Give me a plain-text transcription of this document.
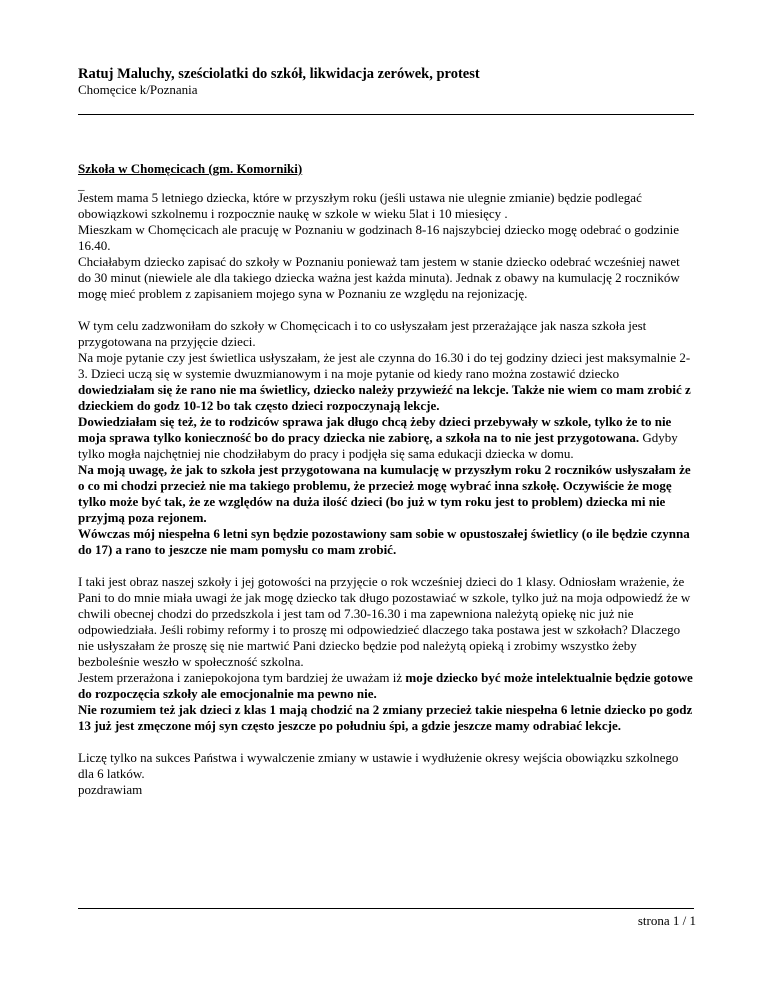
Ratuj Maluchy, sześciolatki do szkół, likwidacja zerówek, protest
Chomęcice k/Poznania
Szkoła w Chomęcicach (gm. Komorniki)
_

Jestem mama 5 letniego dziecka, które w przyszłym roku (jeśli ustawa nie ulegnie zmianie) będzie podlegać obowiązkowi szkolnemu i rozpocznie naukę w szkole w wieku 5lat i 10 miesięcy .

Mieszkam w Chomęcicach ale pracuję w Poznaniu w godzinach 8-16 najszybciej dziecko mogę odebrać o godzinie 16.40.

Chciałabym dziecko zapisać do szkoły w Poznaniu ponieważ tam jestem w stanie dziecko odebrać wcześniej nawet do 30 minut (niewiele ale dla takiego dziecka ważna jest każda minuta). Jednak z obawy na kumulację 2 roczników mogę mieć problem z zapisaniem mojego syna w Poznaniu ze względu na rejonizację.

W tym celu zadzwoniłam do szkoły w Chomęcicach i to co usłyszałam jest przerażające jak nasza szkoła jest przygotowana na przyjęcie dzieci.

Na moje pytanie czy jest świetlica usłyszałam, że jest ale czynna do 16.30 i do tej godziny dzieci jest maksymalnie 2-3. Dzieci uczą się w systemie dwuzmianowym i na moje pytanie od kiedy rano można zostawić dziecko dowiedziałam się że rano nie ma świetlicy, dziecko należy przywieźć na lekcje. Także nie wiem co mam zrobić z dzieckiem do godz 10-12 bo tak często dzieci rozpoczynają lekcje.

Dowiedziałam się też, że to rodziców sprawa jak długo chcą żeby dzieci przebywały w szkole, tylko że to nie moja sprawa tylko konieczność bo do pracy dziecka nie zabiorę, a szkoła na to nie jest przygotowana. Gdyby tylko mogła najchętniej nie chodziłabym do pracy i podjęła się sama edukacji dziecka w domu.

Na moją uwagę, że jak to szkoła jest przygotowana na kumulację w przyszłym roku 2 roczników usłyszałam że o co mi chodzi przecież nie ma takiego problemu, że przecież mogę wybrać inna szkołę. Oczywiście że mogę tylko może być tak, że ze względów na duża ilość dzieci (bo już w tym roku jest to problem) dziecka mi nie przyjmą poza rejonem.

Wówczas mój niespełna 6 letni syn będzie pozostawiony sam sobie w opustoszałej świetlicy (o ile będzie czynna do 17) a rano to jeszcze nie mam pomysłu co mam zrobić.

I taki jest obraz naszej szkoły i jej gotowości na przyjęcie o rok wcześniej dzieci do 1 klasy. Odniosłam wrażenie, że Pani to do mnie miała uwagi że jak mogę dziecko tak długo pozostawiać w szkole, tylko już na moja odpowiedź że w chwili obecnej chodzi do przedszkola i jest tam od 7.30-16.30 i ma zapewniona należytą opiekę nic już nie odpowiedziała. Jeśli robimy reformy i to proszę mi odpowiedzieć dlaczego taka postawa jest w szkołach? Dlaczego nie usłyszałam że proszę się nie martwić Pani dziecko będzie pod należytą opieką i zrobimy wszystko żeby bezboleśnie weszło w społeczność szkolna.

Jestem przerażona i zaniepokojona tym bardziej że uważam iż moje dziecko być może intelektualnie będzie gotowe do rozpoczęcia szkoły ale emocjonalnie ma pewno nie.

Nie rozumiem też jak dzieci z klas 1 mają chodzić na 2 zmiany przecież takie niespełna 6 letnie dziecko po godz 13 już jest zmęczone mój syn często jeszcze po południu śpi, a gdzie jeszcze mamy odrabiać lekcje.

Liczę tylko na sukces Państwa i wywalczenie zmiany w ustawie i wydłużenie okresy wejścia obowiązku szkolnego dla 6 latków.

pozdrawiam

strona 1 / 1
